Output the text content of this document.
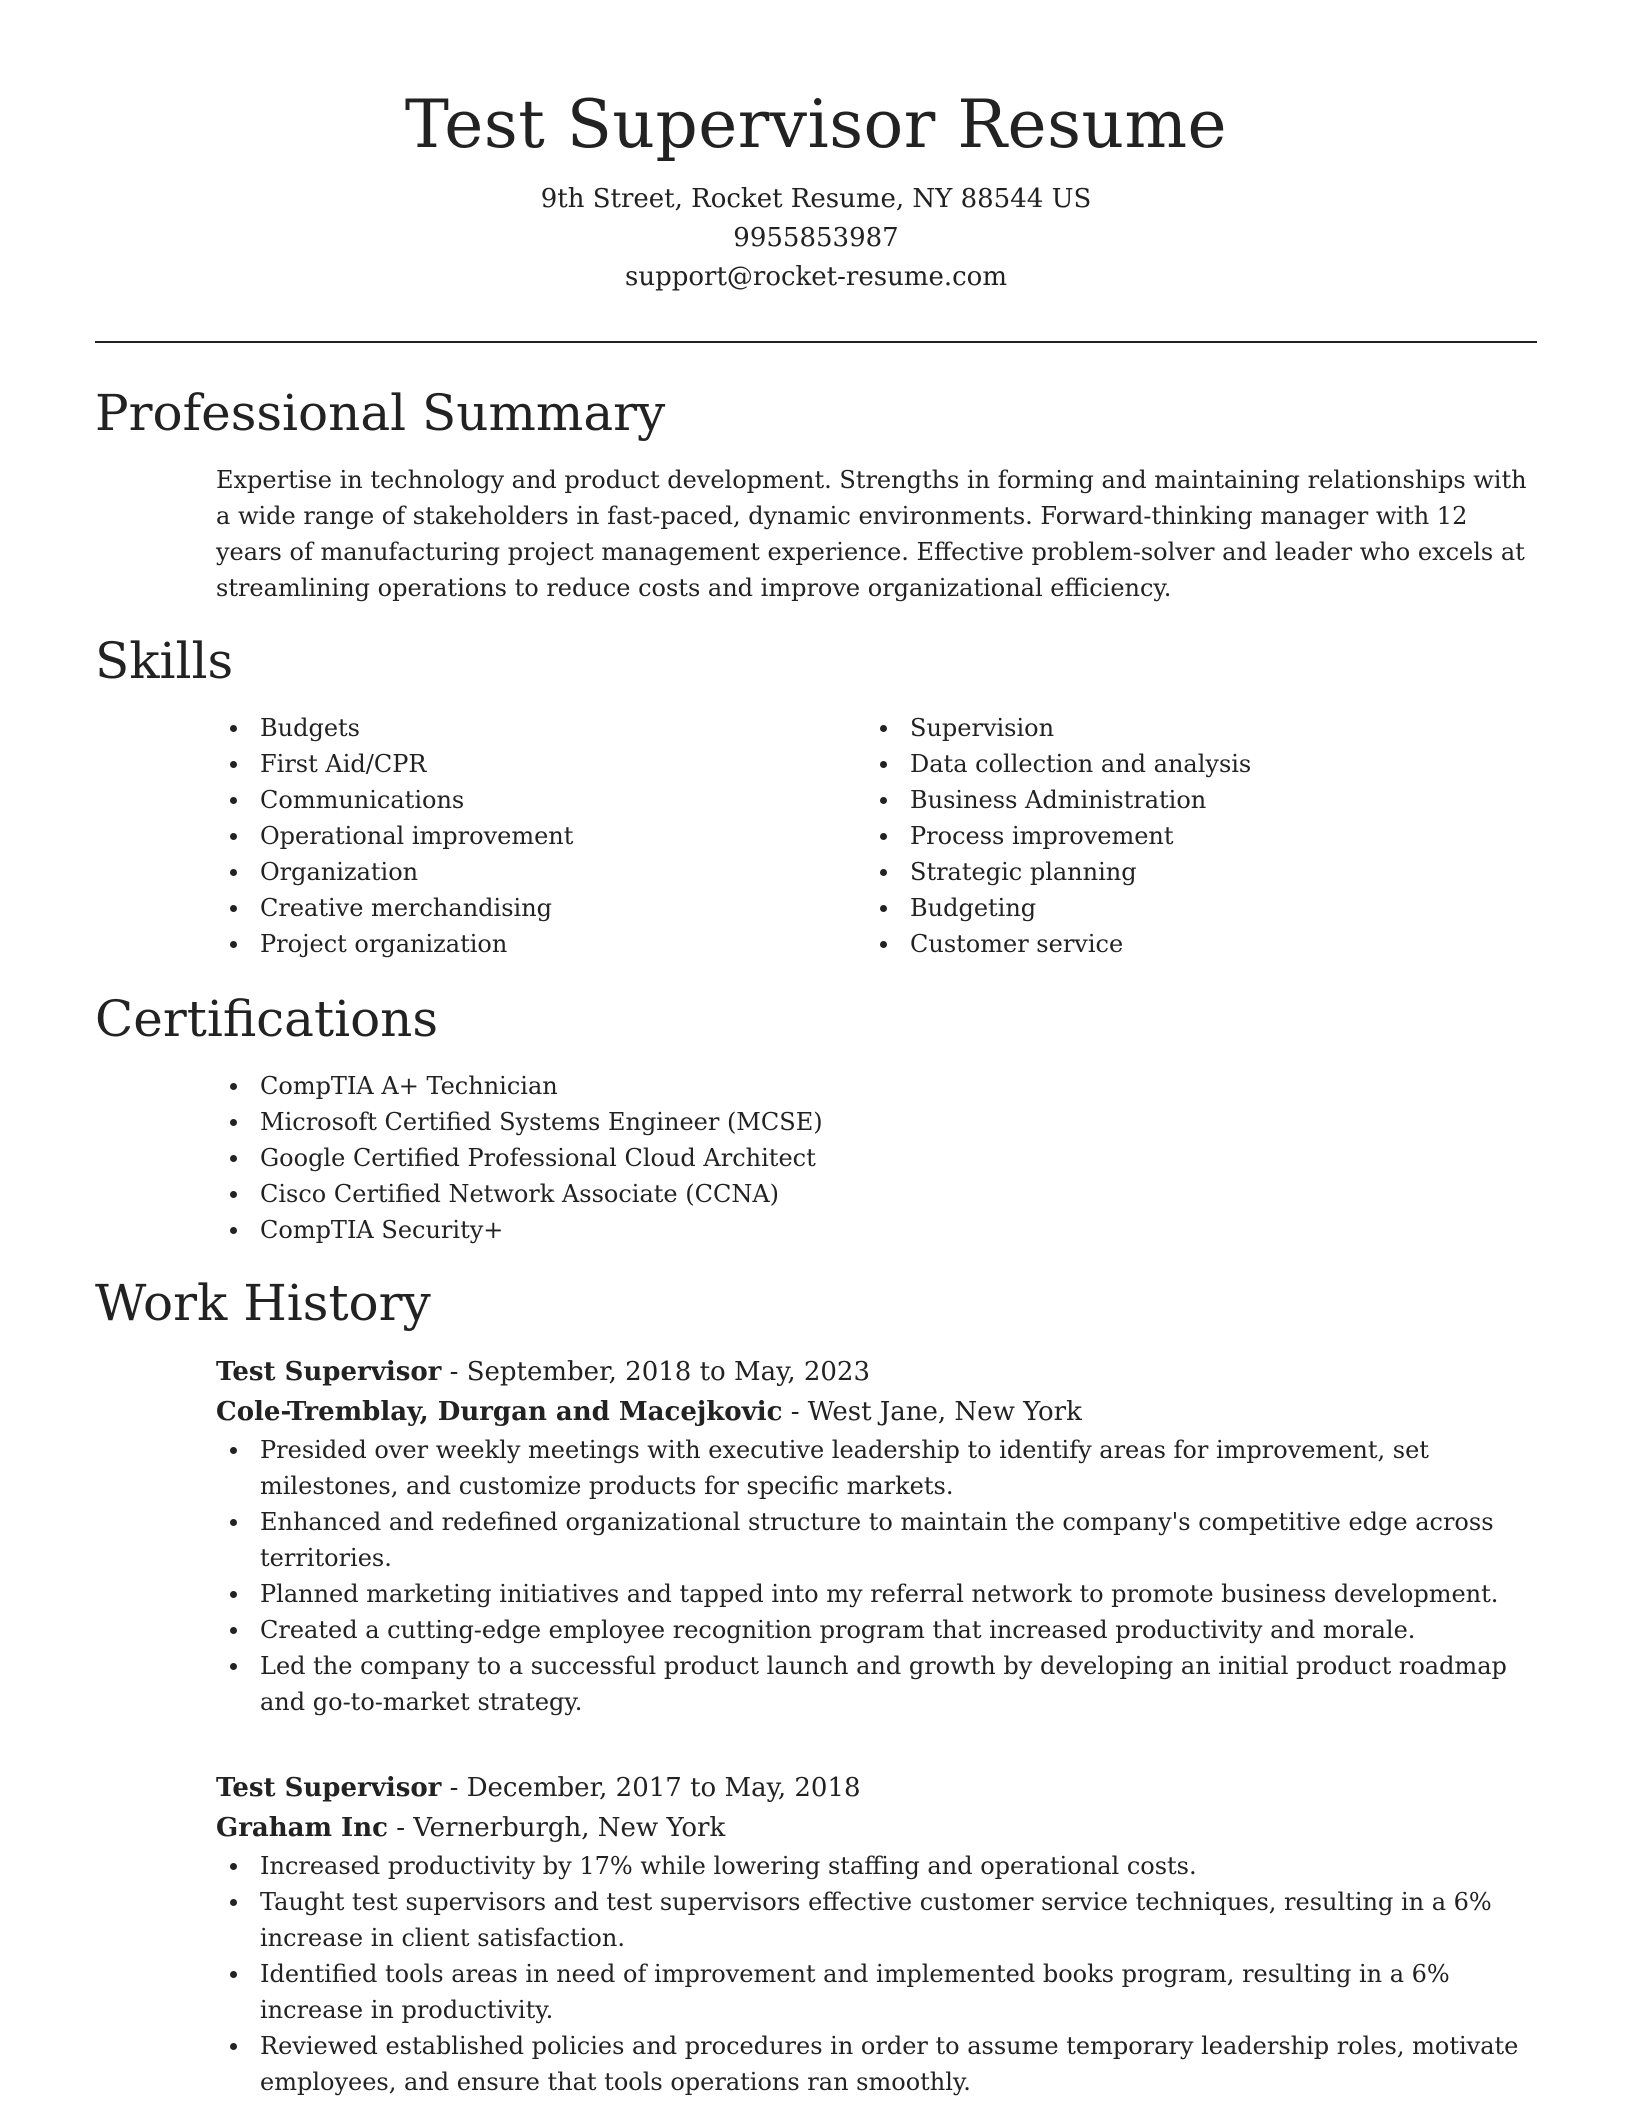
Test Supervisor Resume
9th Street, Rocket Resume, NY 88544 US
9955853987
support@rocket-resume.com
Professional Summary

Expertise in technology and product development. Strengths in forming and maintaining relationships with a wide range of stakeholders in fast-paced, dynamic environments. Forward-thinking manager with 12 years of manufacturing project management experience. Effective problem-solver and leader who excels at streamlining operations to reduce costs and improve organizational efficiency.

Skills
Budgets
First Aid/CPR
Communications
Operational improvement
Organization
Creative merchandising
Project organization
Supervision
Data collection and analysis
Business Administration
Process improvement
Strategic planning
Budgeting
Customer service
Certifications
CompTIA A+ Technician
Microsoft Certified Systems Engineer (MCSE)
Google Certified Professional Cloud Architect
Cisco Certified Network Associate (CCNA)
CompTIA Security+
Work History
Test Supervisor - September, 2018 to May, 2023
Cole-Tremblay, Durgan and Macejkovic - West Jane, New York
Presided over weekly meetings with executive leadership to identify areas for improvement, set milestones, and customize products for specific markets.
Enhanced and redefined organizational structure to maintain the company's competitive edge across territories.
Planned marketing initiatives and tapped into my referral network to promote business development.
Created a cutting-edge employee recognition program that increased productivity and morale.
Led the company to a successful product launch and growth by developing an initial product roadmap and go-to-market strategy.
Test Supervisor - December, 2017 to May, 2018
Graham Inc - Vernerburgh, New York
Increased productivity by 17% while lowering staffing and operational costs.
Taught test supervisors and test supervisors effective customer service techniques, resulting in a 6% increase in client satisfaction.
Identified tools areas in need of improvement and implemented books program, resulting in a 6% increase in productivity.
Reviewed established policies and procedures in order to assume temporary leadership roles, motivate employees, and ensure that tools operations ran smoothly.
